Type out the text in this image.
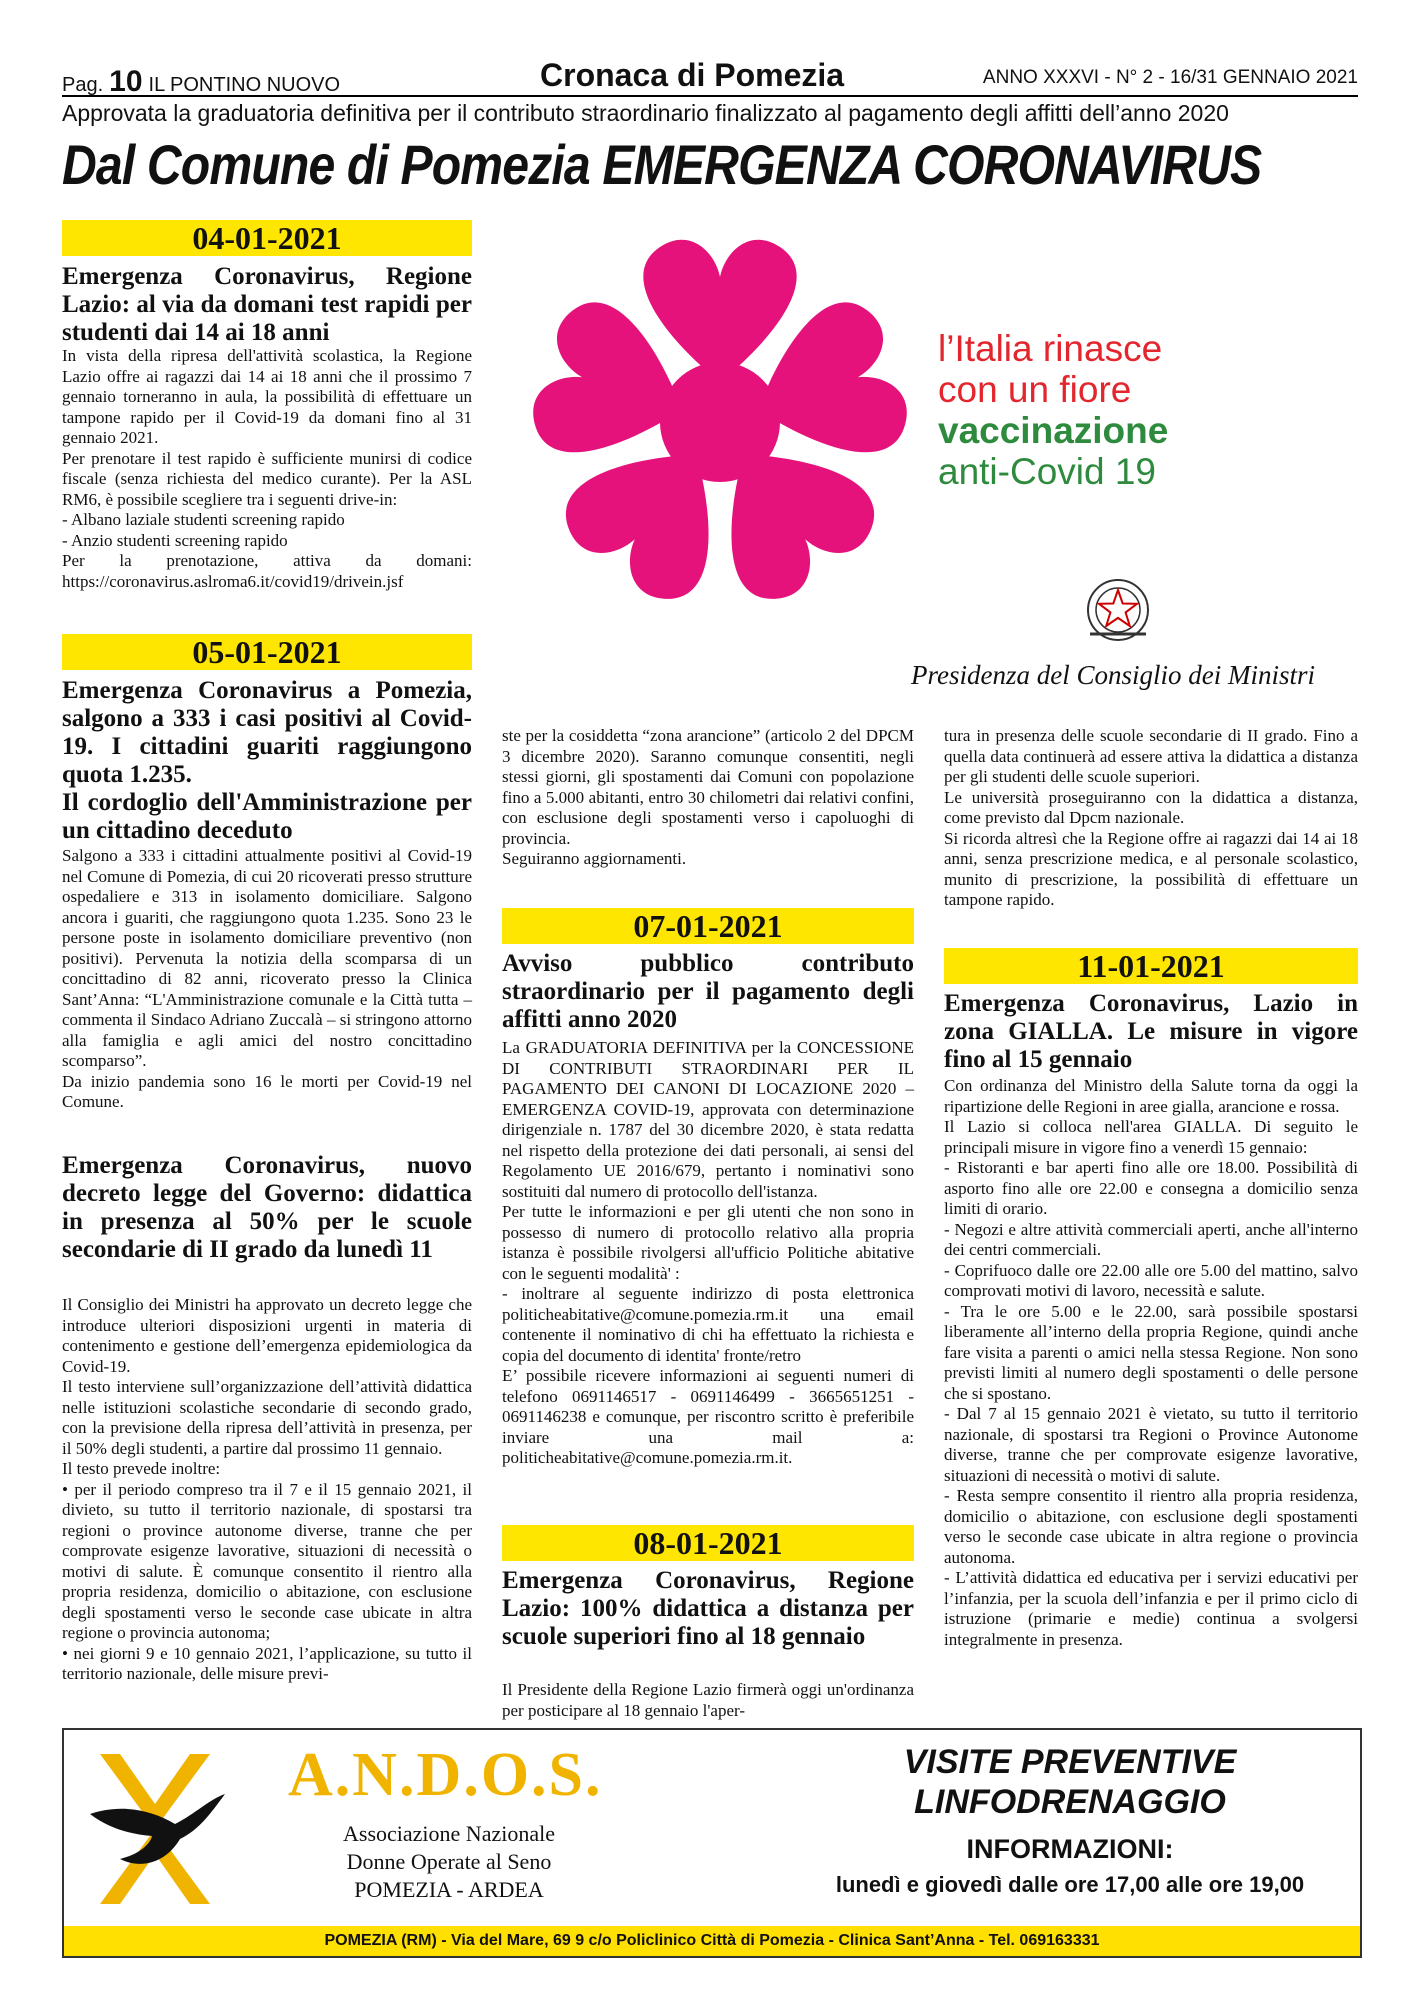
Pag. 10 IL PONTINO NUOVO	Cronaca di Pomezia	ANNO XXXVI - N° 2 - 16/31 GENNAIO 2021
Approvata la graduatoria definitiva per il contributo straordinario finalizzato al pagamento degli affitti dell’anno 2020
Dal Comune di Pomezia EMERGENZA CORONAVIRUS
04-01-2021
Emergenza Coronavirus, Regione Lazio: al via da domani test rapidi per studenti dai 14 ai 18 anni

In vista della ripresa dell'attività scolastica, la Regione Lazio offre ai ragazzi dai 14 ai 18 anni che il prossimo 7 gennaio torneranno in aula, la possibilità di effettuare un tampone rapido per il Covid-19 da domani fino al 31 gennaio 2021.

Per prenotare il test rapido è sufficiente munirsi di codice fiscale (senza richiesta del medico curante). Per la ASL RM6, è possibile scegliere tra i seguenti drive-in:

- Albano laziale studenti screening rapido

- Anzio studenti screening rapido

Per la prenotazione, attiva da domani: https://coronavirus.aslroma6.it/covid19/drivein.jsf

05-01-2021
Emergenza Coronavirus a Pomezia, salgono a 333 i casi positivi al Covid-19. I cittadini guariti raggiungono quota 1.235.
Il cordoglio dell'Amministrazione per un cittadino deceduto

Salgono a 333 i cittadini attualmente positivi al Covid-19 nel Comune di Pomezia, di cui 20 ricoverati presso strutture ospedaliere e 313 in isolamento domiciliare. Salgono ancora i guariti, che raggiungono quota 1.235. Sono 23 le persone poste in isolamento domiciliare preventivo (non positivi). Pervenuta la notizia della scomparsa di un concittadino di 82 anni, ricoverato presso la Clinica Sant’Anna: “L'Amministrazione comunale e la Città tutta – commenta il Sindaco Adriano Zuccalà – si stringono attorno alla famiglia e agli amici del nostro concittadino scomparso”.

Da inizio pandemia sono 16 le morti per Covid-19 nel Comune.

Emergenza Coronavirus, nuovo decreto legge del Governo: didattica in presenza al 50% per le scuole secondarie di II grado da lunedì 11

Il Consiglio dei Ministri ha approvato un decreto legge che introduce ulteriori disposizioni urgenti in materia di contenimento e gestione dell’emergenza epidemiologica da Covid-19.

Il testo interviene sull’organizzazione dell’attività didattica nelle istituzioni scolastiche secondarie di secondo grado, con la previsione della ripresa dell’attività in presenza, per il 50% degli studenti, a partire dal prossimo 11 gennaio.

Il testo prevede inoltre:

• per il periodo compreso tra il 7 e il 15 gennaio 2021, il divieto, su tutto il territorio nazionale, di spostarsi tra regioni o province autonome diverse, tranne che per comprovate esigenze lavorative, situazioni di necessità o motivi di salute. È comunque consentito il rientro alla propria residenza, domicilio o abitazione, con esclusione degli spostamenti verso le seconde case ubicate in altra regione o provincia autonoma;

• nei giorni 9 e 10 gennaio 2021, l’applicazione, su tutto il territorio nazionale, delle misure previ-

ste per la cosiddetta “zona arancione” (articolo 2 del DPCM 3 dicembre 2020). Saranno comunque consentiti, negli stessi giorni, gli spostamenti dai Comuni con popolazione fino a 5.000 abitanti, entro 30 chilometri dai relativi confini, con esclusione degli spostamenti verso i capoluoghi di provincia.

Seguiranno aggiornamenti.

07-01-2021
Avviso pubblico contributo straordinario per il pagamento degli affitti anno 2020

La GRADUATORIA DEFINITIVA per la CONCESSIONE DI CONTRIBUTI STRAORDINARI PER IL PAGAMENTO DEI CANONI DI LOCAZIONE 2020 – EMERGENZA COVID-19, approvata con determinazione dirigenziale n. 1787 del 30 dicembre 2020, è stata redatta nel rispetto della protezione dei dati personali, ai sensi del Regolamento UE 2016/679, pertanto i nominativi sono sostituiti dal numero di protocollo dell'istanza.

Per tutte le informazioni e per gli utenti che non sono in possesso di numero di protocollo relativo alla propria istanza è possibile rivolgersi all'ufficio Politiche abitative con le seguenti modalità' :

- inoltrare al seguente indirizzo di posta elettronica politicheabitative@comune.pomezia.rm.it una email contenente il nominativo di chi ha effettuato la richiesta e copia del documento di identita' fronte/retro

E’ possibile ricevere informazioni ai seguenti numeri di telefono 0691146517 - 0691146499 - 3665651251 - 0691146238 e comunque, per riscontro scritto è preferibile inviare una mail a: politicheabitative@comune.pomezia.rm.it.

08-01-2021
Emergenza Coronavirus, Regione Lazio: 100% didattica a distanza per scuole superiori fino al 18 gennaio

Il Presidente della Regione Lazio firmerà oggi un'ordinanza per posticipare al 18 gennaio l'aper-

tura in presenza delle scuole secondarie di II grado. Fino a quella data continuerà ad essere attiva la didattica a distanza per gli studenti delle scuole superiori.

Le università proseguiranno con la didattica a distanza, come previsto dal Dpcm nazionale.

Si ricorda altresì che la Regione offre ai ragazzi dai 14 ai 18 anni, senza prescrizione medica, e al personale scolastico, munito di prescrizione, la possibilità di effettuare un tampone rapido.

11-01-2021
Emergenza Coronavirus, Lazio in zona GIALLA. Le misure in vigore fino al 15 gennaio

Con ordinanza del Ministro della Salute torna da oggi la ripartizione delle Regioni in aree gialla, arancione e rossa.

Il Lazio si colloca nell'area GIALLA. Di seguito le principali misure in vigore fino a venerdì 15 gennaio:

- Ristoranti e bar aperti fino alle ore 18.00. Possibilità di asporto fino alle ore 22.00 e consegna a domicilio senza limiti di orario.

- Negozi e altre attività commerciali aperti, anche all'interno dei centri commerciali.

- Coprifuoco dalle ore 22.00 alle ore 5.00 del mattino, salvo comprovati motivi di lavoro, necessità e salute.

- Tra le ore 5.00 e le 22.00, sarà possibile spostarsi liberamente all’interno della propria Regione, quindi anche fare visita a parenti o amici nella stessa Regione. Non sono previsti limiti al numero degli spostamenti o delle persone che si spostano.

- Dal 7 al 15 gennaio 2021 è vietato, su tutto il territorio nazionale, di spostarsi tra Regioni o Province Autonome diverse, tranne che per comprovate esigenze lavorative, situazioni di necessità o motivi di salute.

- Resta sempre consentito il rientro alla propria residenza, domicilio o abitazione, con esclusione degli spostamenti verso le seconde case ubicate in altra regione o provincia autonoma.

- L’attività didattica ed educativa per i servizi educativi per l’infanzia, per la scuola dell’infanzia e per il primo ciclo di istruzione (primarie e medie) continua a svolgersi integralmente in presenza.

l’Italia rinasce
con un fiore
vaccinazione
anti-Covid 19
Presidenza del Consiglio dei Ministri
A.N.D.O.S.
Associazione Nazionale
Donne Operate al Seno
POMEZIA - ARDEA
VISITE PREVENTIVE
LINFODRENAGGIO
INFORMAZIONI:
lunedì e giovedì dalle ore 17,00 alle ore 19,00
POMEZIA (RM) - Via del Mare, 69 9 c/o Policlinico Città di Pomezia - Clinica Sant’Anna - Tel. 069163331
